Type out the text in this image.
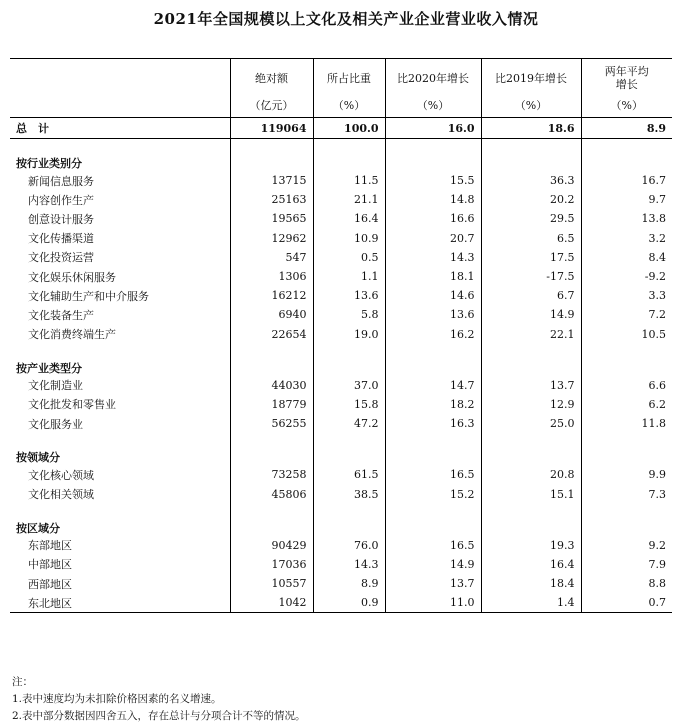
2021年全国规模以上文化及相关产业企业营业收入情况
	绝对额	所占比重	比2020年增长	比2019年增长	两年平均
增长

	（亿元）	（%）	（%）	（%）	（%）
总　计	119064	100.0	16.0	18.6	8.9

按行业类别分					
新闻信息服务	13715	11.5	15.5	36.3	16.7
内容创作生产	25163	21.1	14.8	20.2	9.7
创意设计服务	19565	16.4	16.6	29.5	13.8
文化传播渠道	12962	10.9	20.7	6.5	3.2
文化投资运营	547	0.5	14.3	17.5	8.4
文化娱乐休闲服务	1306	1.1	18.1	-17.5	-9.2
文化辅助生产和中介服务	16212	13.6	14.6	6.7	3.3
文化装备生产	6940	5.8	13.6	14.9	7.2
文化消费终端生产	22654	19.0	16.2	22.1	10.5

按产业类型分					
文化制造业	44030	37.0	14.7	13.7	6.6
文化批发和零售业	18779	15.8	18.2	12.9	6.2
文化服务业	56255	47.2	16.3	25.0	11.8

按领域分					
文化核心领域	73258	61.5	16.5	20.8	9.9
文化相关领域	45806	38.5	15.2	15.1	7.3

按区域分					
东部地区	90429	76.0	16.5	19.3	9.2
中部地区	17036	14.3	14.9	16.4	7.9
西部地区	10557	8.9	13.7	18.4	8.8
东北地区	1042	0.9	11.0	1.4	0.7
注：
1.表中速度均为未扣除价格因素的名义增速。
2.表中部分数据因四舍五入，存在总计与分项合计不等的情况。
